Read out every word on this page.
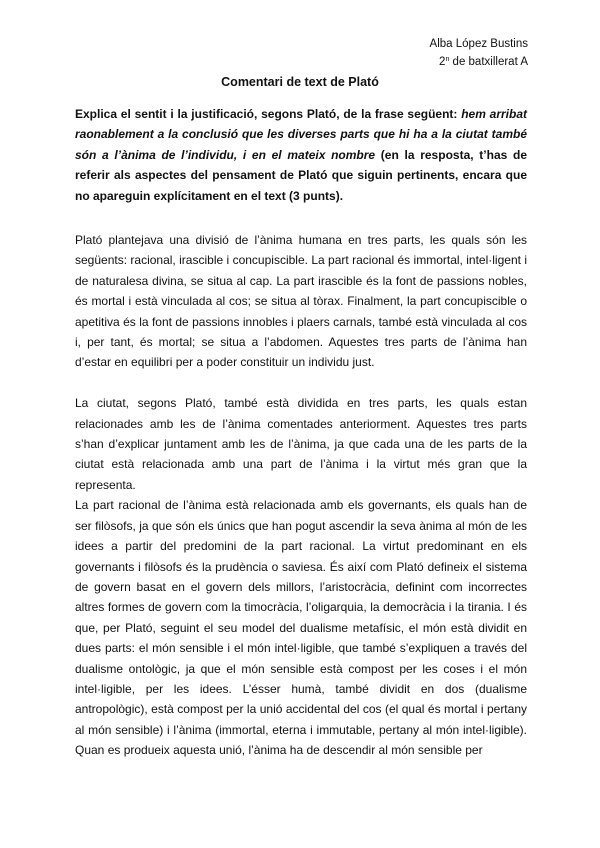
Alba López Bustins
2$^n$ de batxillerat A
Comentari de text de Plató
Explica el sentit i la justificació, segons Plató, de la frase següent: hem arribat raonablement a la conclusió que les diverses parts que hi ha a la ciutat també són a l’ànima de l’individu, i en el mateix nombre (en la resposta, t’has de referir als aspectes del pensament de Plató que siguin pertinents, encara que no apareguin explícitament en el text (3 punts).

Plató plantejava una divisió de l’ànima humana en tres parts, les quals són les següents: racional, irascible i concupiscible. La part racional és immortal, intel·ligent i de naturalesa divina, se situa al cap. La part irascible és la font de passions nobles, és mortal i està vinculada al cos; se situa al tòrax. Finalment, la part concupiscible o apetitiva és la font de passions innobles i plaers carnals, també està vinculada al cos i, per tant, és mortal; se situa a l’abdomen. Aquestes tres parts de l’ànima han d’estar en equilibri per a poder constituir un individu just.

La ciutat, segons Plató, també està dividida en tres parts, les quals estan relacionades amb les de l’ànima comentades anteriorment. Aquestes tres parts s’han d’explicar juntament amb les de l’ànima, ja que cada una de les parts de la ciutat està relacionada amb una part de l’ànima i la virtut més gran que la representa.

La part racional de l’ànima està relacionada amb els governants, els quals han de ser filòsofs, ja que són els únics que han pogut ascendir la seva ànima al món de les idees a partir del predomini de la part racional. La virtut predominant en els governants i filòsofs és la prudència o saviesa. És així com Plató defineix el sistema de govern basat en el govern dels millors, l’aristocràcia, definint com incorrectes altres formes de govern com la timocràcia, l’oligarquia, la democràcia i la tirania. I és que, per Plató, seguint el seu model del dualisme metafísic, el món està dividit en dues parts: el món sensible i el món intel·ligible, que també s’expliquen a través del dualisme ontològic, ja que el món sensible està compost per les coses i el món intel·ligible, per les idees. L’ésser humà, també dividit en dos (dualisme antropològic), està compost per la unió accidental del cos (el qual és mortal i pertany al món sensible) i l’ànima (immortal, eterna i immutable, pertany al món intel·ligible). Quan es produeix aquesta unió, l’ànima ha de descendir al món sensible per
